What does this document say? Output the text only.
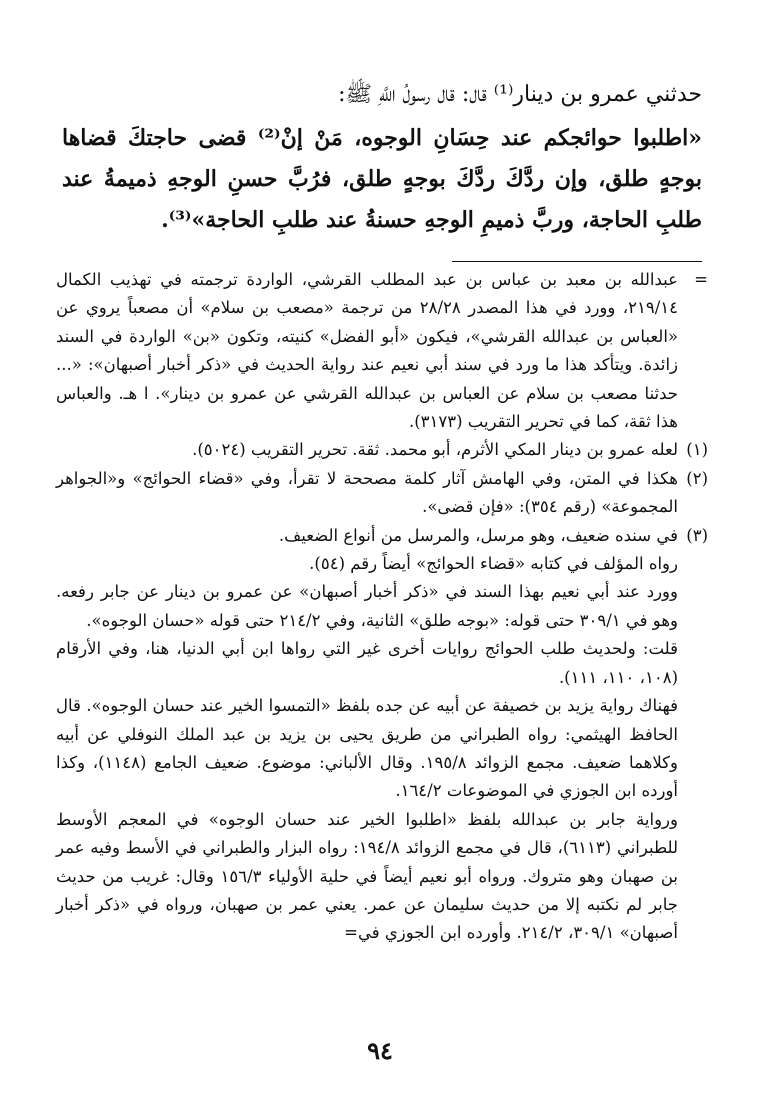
حدثني عمرو بن دينار⁽¹⁾ قال: قال رسولُ اللَّهِ ﷺ:

«اطلبوا حوائجكم عند حِسَانِ الوجوه، مَنْ إنْ⁽²⁾ قضى حاجتكَ قضاها بوجهٍ طلق، وإن ردَّكَ ردَّكَ بوجهٍ طلق، فرُبَّ حسنِ الوجهِ ذميمةُ عند طلبِ الحاجة، وربَّ ذميمِ الوجهِ حسنةُ عند طلبِ الحاجة»⁽³⁾.

=

عبدالله بن معبد بن عباس بن عبد المطلب القرشي، الواردة ترجمته في تهذيب الكمال ٢١٩/١٤، وورد في هذا المصدر ٢٨/٢٨ من ترجمة «مصعب بن سلام» أن مصعباً يروي عن «العباس بن عبدالله القرشي»، فيكون «أبو الفضل» كنيته، وتكون «بن» الواردة في السند زائدة. ويتأكد هذا ما ورد في سند أبي نعيم عند رواية الحديث في «ذكر أخبار أصبهان»: «... حدثنا مصعب بن سلام عن العباس بن عبدالله القرشي عن عمرو بن دينار». ا هـ. والعباس هذا ثقة، كما في تحرير التقريب (٣١٧٣).

(١)

لعله عمرو بن دينار المكي الأثرم، أبو محمد. ثقة. تحرير التقريب (٥٠٢٤).

(٢)

هكذا في المتن، وفي الهامش آثار كلمة مصححة لا تقرأ، وفي «قضاء الحوائج» و«الجواهر المجموعة» (رقم ٣٥٤): «فإن قضى».

(٣)

في سنده ضعيف، وهو مرسل، والمرسل من أنواع الضعيف.

رواه المؤلف في كتابه «قضاء الحوائج» أيضاً رقم (٥٤).

وورد عند أبي نعيم بهذا السند في «ذكر أخبار أصبهان» عن عمرو بن دينار عن جابر رفعه. وهو في ٣٠٩/١ حتى قوله: «بوجه طلق» الثانية، وفي ٢١٤/٢ حتى قوله «حسان الوجوه».

قلت: ولحديث طلب الحوائج روايات أخرى غير التي رواها ابن أبي الدنيا، هنا، وفي الأرقام (١٠٨، ١١٠، ١١١).

فهناك رواية يزيد بن خصيفة عن أبيه عن جده بلفظ «التمسوا الخير عند حسان الوجوه». قال الحافظ الهيثمي: رواه الطبراني من طريق يحيى بن يزيد بن عبد الملك النوفلي عن أبيه وكلاهما ضعيف. مجمع الزوائد ١٩٥/٨. وقال الألباني: موضوع. ضعيف الجامع (١١٤٨)، وكذا أورده ابن الجوزي في الموضوعات ١٦٤/٢.

ورواية جابر بن عبدالله بلفظ «اطلبوا الخير عند حسان الوجوه» في المعجم الأوسط للطبراني (٦١١٣)، قال في مجمع الزوائد ١٩٤/٨: رواه البزار والطبراني في الأسط وفيه عمر بن صهبان وهو متروك. ورواه أبو نعيم أيضاً في حلية الأولياء ١٥٦/٣ وقال: غريب من حديث جابر لم نكتبه إلا من حديث سليمان عن عمر. يعني عمر بن صهبان، ورواه في «ذكر أخبار أصبهان» ٣٠٩/١، ٢١٤/٢. وأورده ابن الجوزي في=

٩٤
